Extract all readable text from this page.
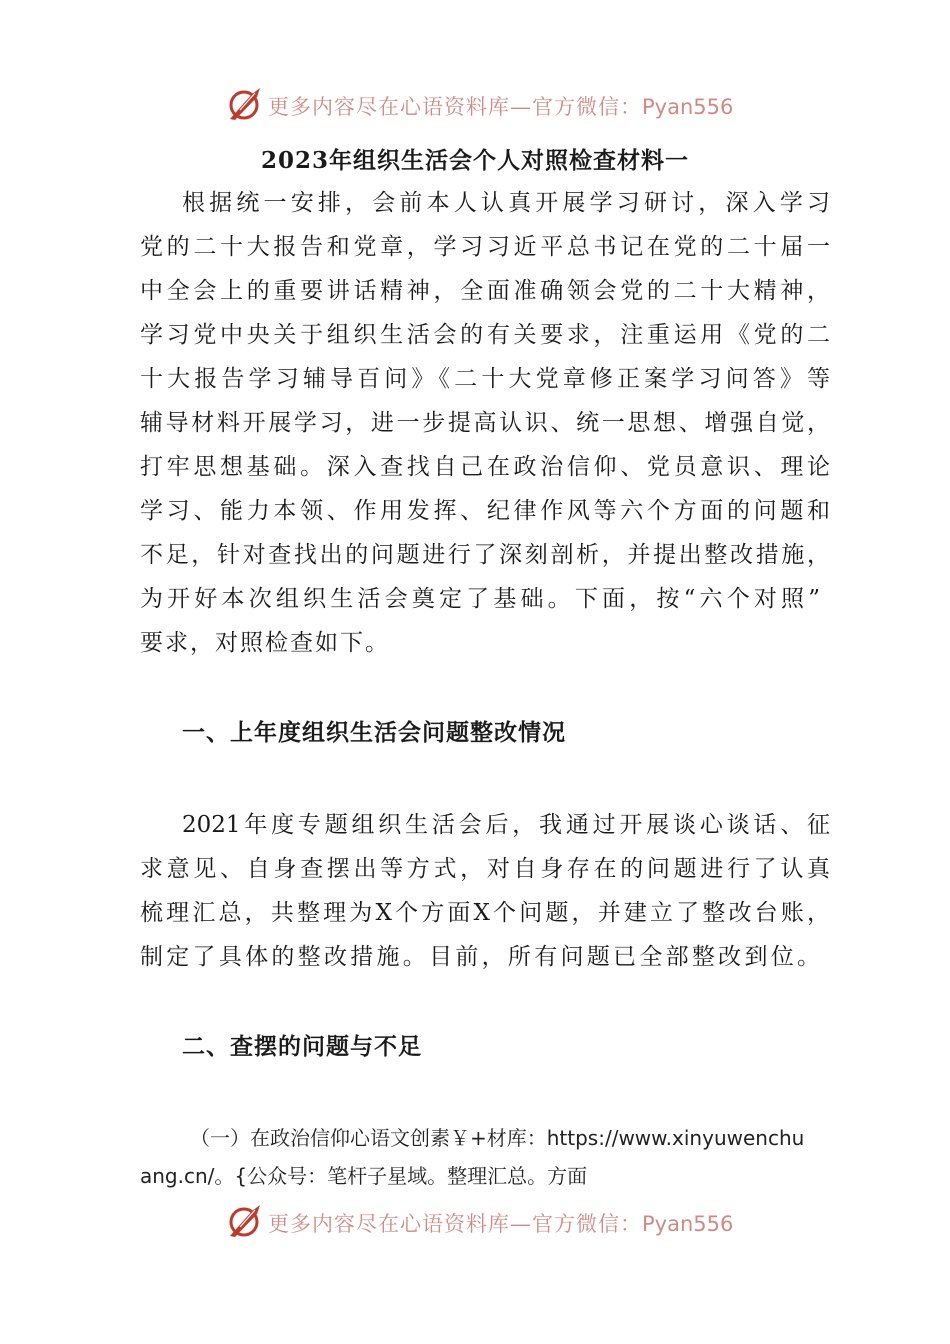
更多内容尽在心语资料库—官方微信：Pyan556
2023年组织生活会个人对照检查材料一

根据统一安排，会前本人认真开展学习研讨，深入学习

党的二十大报告和党章，学习习近平总书记在党的二十届一

中全会上的重要讲话精神，全面准确领会党的二十大精神，

学习党中央关于组织生活会的有关要求，注重运用《党的二

十大报告学习辅导百问》《二十大党章修正案学习问答》等

辅导材料开展学习，进一步提高认识、统一思想、增强自觉，

打牢思想基础。深入查找自己在政治信仰、党员意识、理论

学习、能力本领、作用发挥、纪律作风等六个方面的问题和

不足，针对查找出的问题进行了深刻剖析，并提出整改措施，

为开好本次组织生活会奠定了基础。下面，按“六个对照”

要求，对照检查如下。

一、上年度组织生活会问题整改情况

2021年度专题组织生活会后，我通过开展谈心谈话、征

求意见、自身查摆出等方式，对自身存在的问题进行了认真

梳理汇总，共整理为X个方面X个问题，并建立了整改台账，

制定了具体的整改措施。目前，所有问题已全部整改到位。

二、查摆的问题与不足

（一）在政治信仰心语文创素￥+材库：https://www.xinyuwenchu

ang.cn/。{公众号：笔杆子星域。整理汇总。方面

更多内容尽在心语资料库—官方微信：Pyan556
